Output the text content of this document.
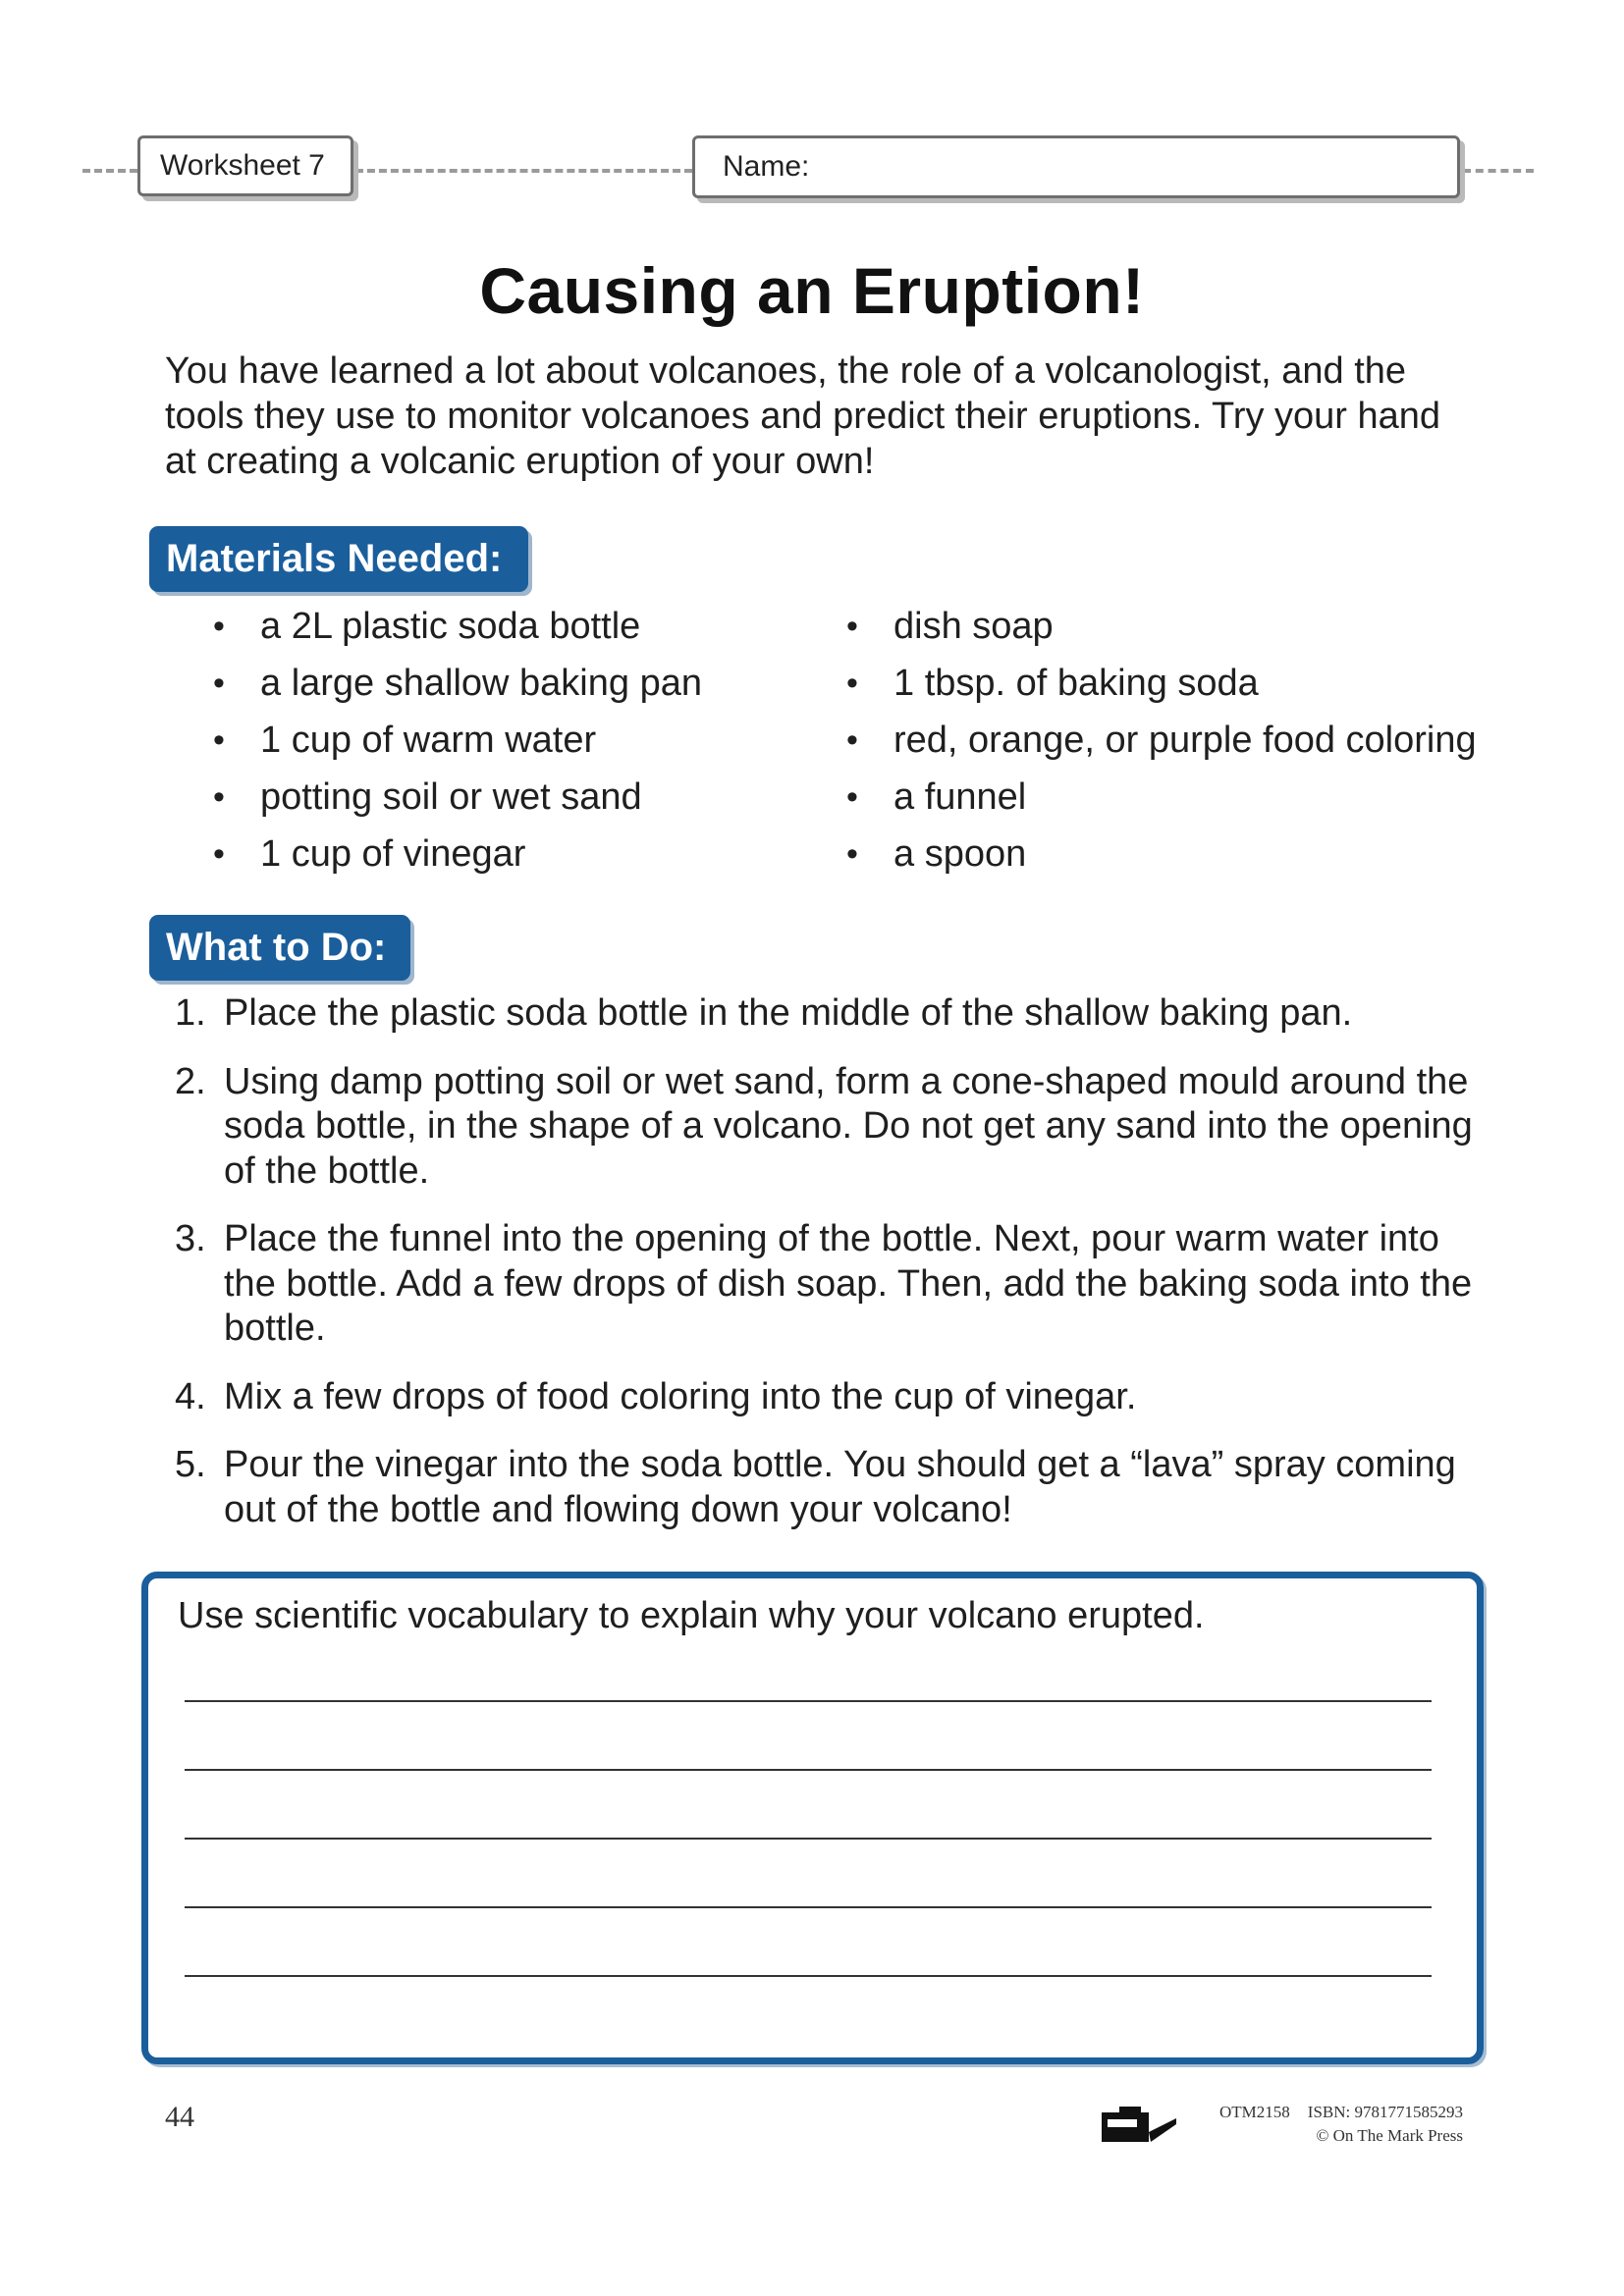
Worksheet 7	Name:
Causing an Eruption!
You have learned a lot about volcanoes, the role of a volcanologist, and the tools they use to monitor volcanoes and predict their eruptions. Try your hand at creating a volcanic eruption of your own!
Materials Needed:
• a 2L plastic soda bottle
• a large shallow baking pan
• 1 cup of warm water
• potting soil or wet sand
• 1 cup of vinegar
• dish soap
• 1 tbsp. of baking soda
• red, orange, or purple food coloring
• a funnel
• a spoon
What to Do:
1. Place the plastic soda bottle in the middle of the shallow baking pan.
2. Using damp potting soil or wet sand, form a cone-shaped mould around the soda bottle, in the shape of a volcano. Do not get any sand into the opening of the bottle.
3. Place the funnel into the opening of the bottle. Next, pour warm water into the bottle. Add a few drops of dish soap. Then, add the baking soda into the bottle.
4. Mix a few drops of food coloring into the cup of vinegar.
5. Pour the vinegar into the soda bottle. You should get a “lava” spray coming out of the bottle and flowing down your volcano!
Use scientific vocabulary to explain why your volcano erupted.
44	OTM2158 ISBN: 9781771585293
© On The Mark Press
